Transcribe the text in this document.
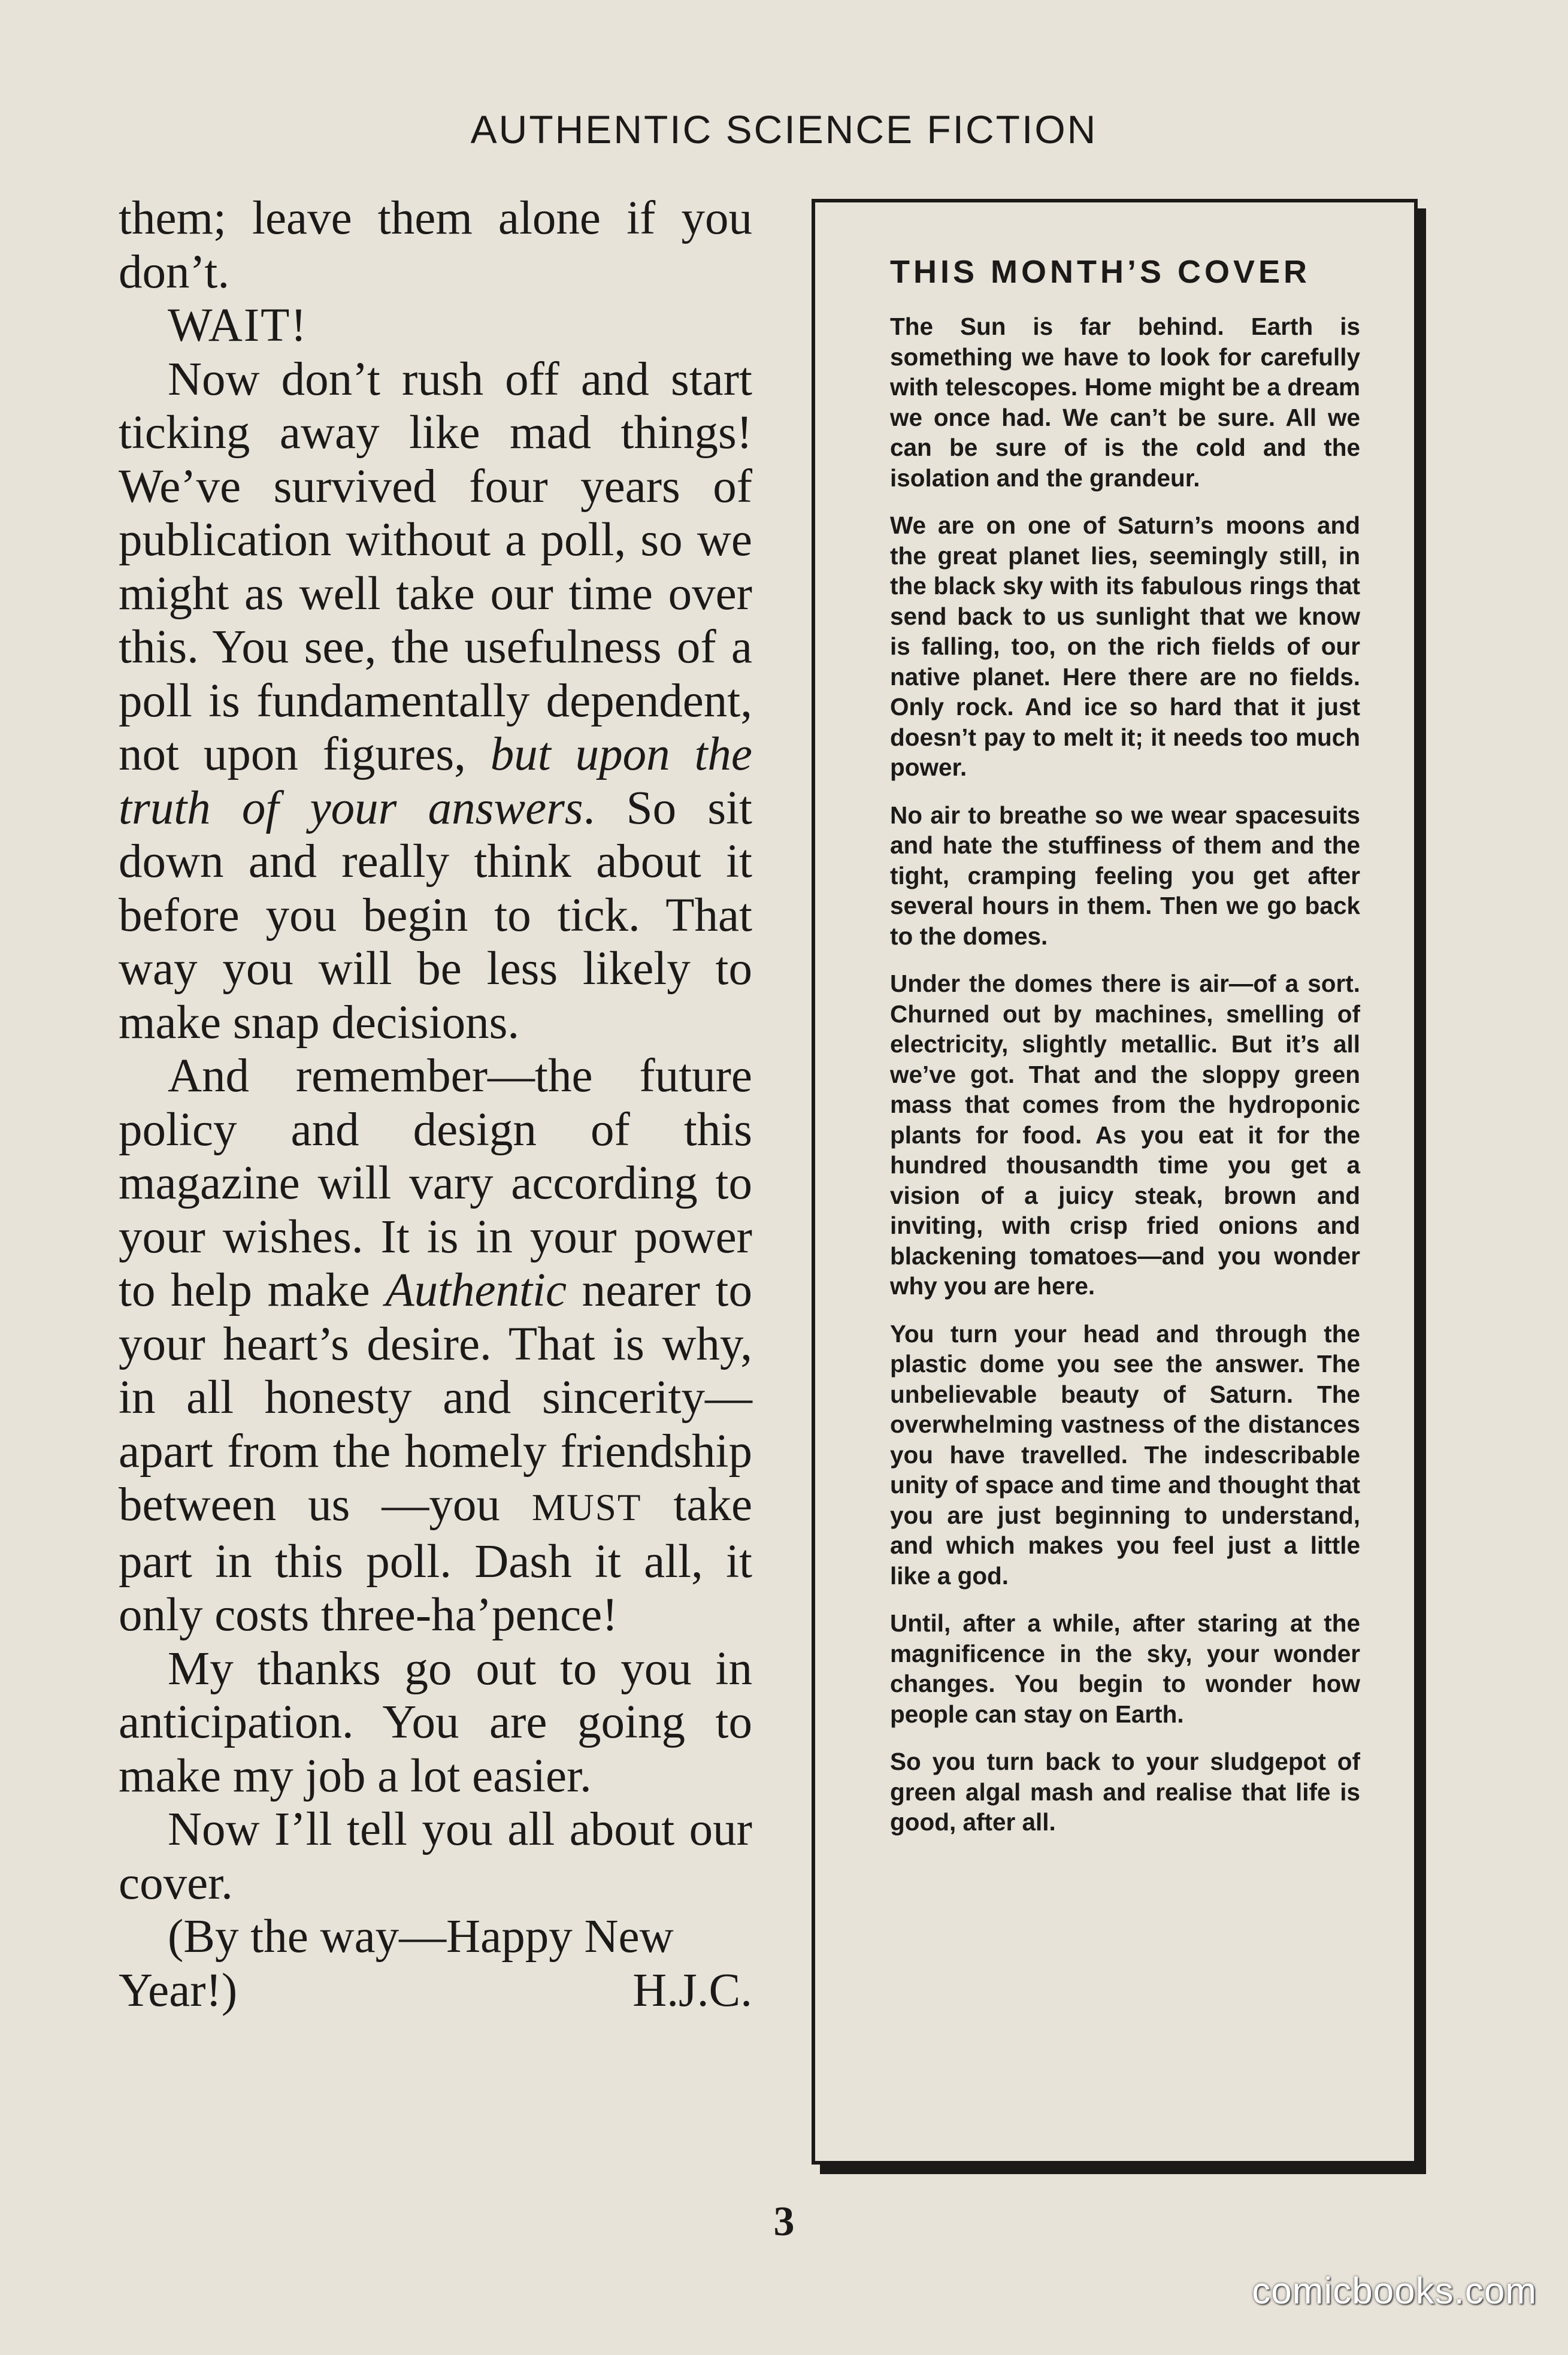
AUTHENTIC SCIENCE FICTION

them; leave them alone if you don’t.

WAIT!

Now don’t rush off and start ticking away like mad things! We’ve survived four years of publication without a poll, so we might as well take our time over this. You see, the usefulness of a poll is fundamentally dependent, not upon figures, but upon the truth of your answers. So sit down and really think about it before you begin to tick. That way you will be less likely to make snap decisions.

And remember—the future policy and design of this magazine will vary according to your wishes. It is in your power to help make Authentic nearer to your heart’s desire. That is why, in all honesty and sincerity—apart from the homely friendship between us —you MUST take part in this poll. Dash it all, it only costs three-ha’pence!

My thanks go out to you in anticipation. You are going to make my job a lot easier.

Now I’ll tell you all about our cover.

(By the way—Happy New Year!)	H.J.C.

THIS MONTH’S COVER

The Sun is far behind. Earth is something we have to look for carefully with telescopes. Home might be a dream we once had. We can’t be sure. All we can be sure of is the cold and the isolation and the grandeur.

We are on one of Saturn’s moons and the great planet lies, seemingly still, in the black sky with its fabulous rings that send back to us sunlight that we know is falling, too, on the rich fields of our native planet. Here there are no fields. Only rock. And ice so hard that it just doesn’t pay to melt it; it needs too much power.

No air to breathe so we wear spacesuits and hate the stuffiness of them and the tight, cramping feeling you get after several hours in them. Then we go back to the domes.

Under the domes there is air—of a sort. Churned out by machines, smelling of electricity, slightly metallic. But it’s all we’ve got. That and the sloppy green mass that comes from the hydroponic plants for food. As you eat it for the hundred thousandth time you get a vision of a juicy steak, brown and inviting, with crisp fried onions and blackening tomatoes—and you wonder why you are here.

You turn your head and through the plastic dome you see the answer. The unbelievable beauty of Saturn. The overwhelming vastness of the distances you have travelled. The indescribable unity of space and time and thought that you are just beginning to understand, and which makes you feel just a little like a god.

Until, after a while, after staring at the magnificence in the sky, your wonder changes. You begin to wonder how people can stay on Earth.

So you turn back to your sludgepot of green algal mash and realise that life is good, after all.

3
comicbooks.com
